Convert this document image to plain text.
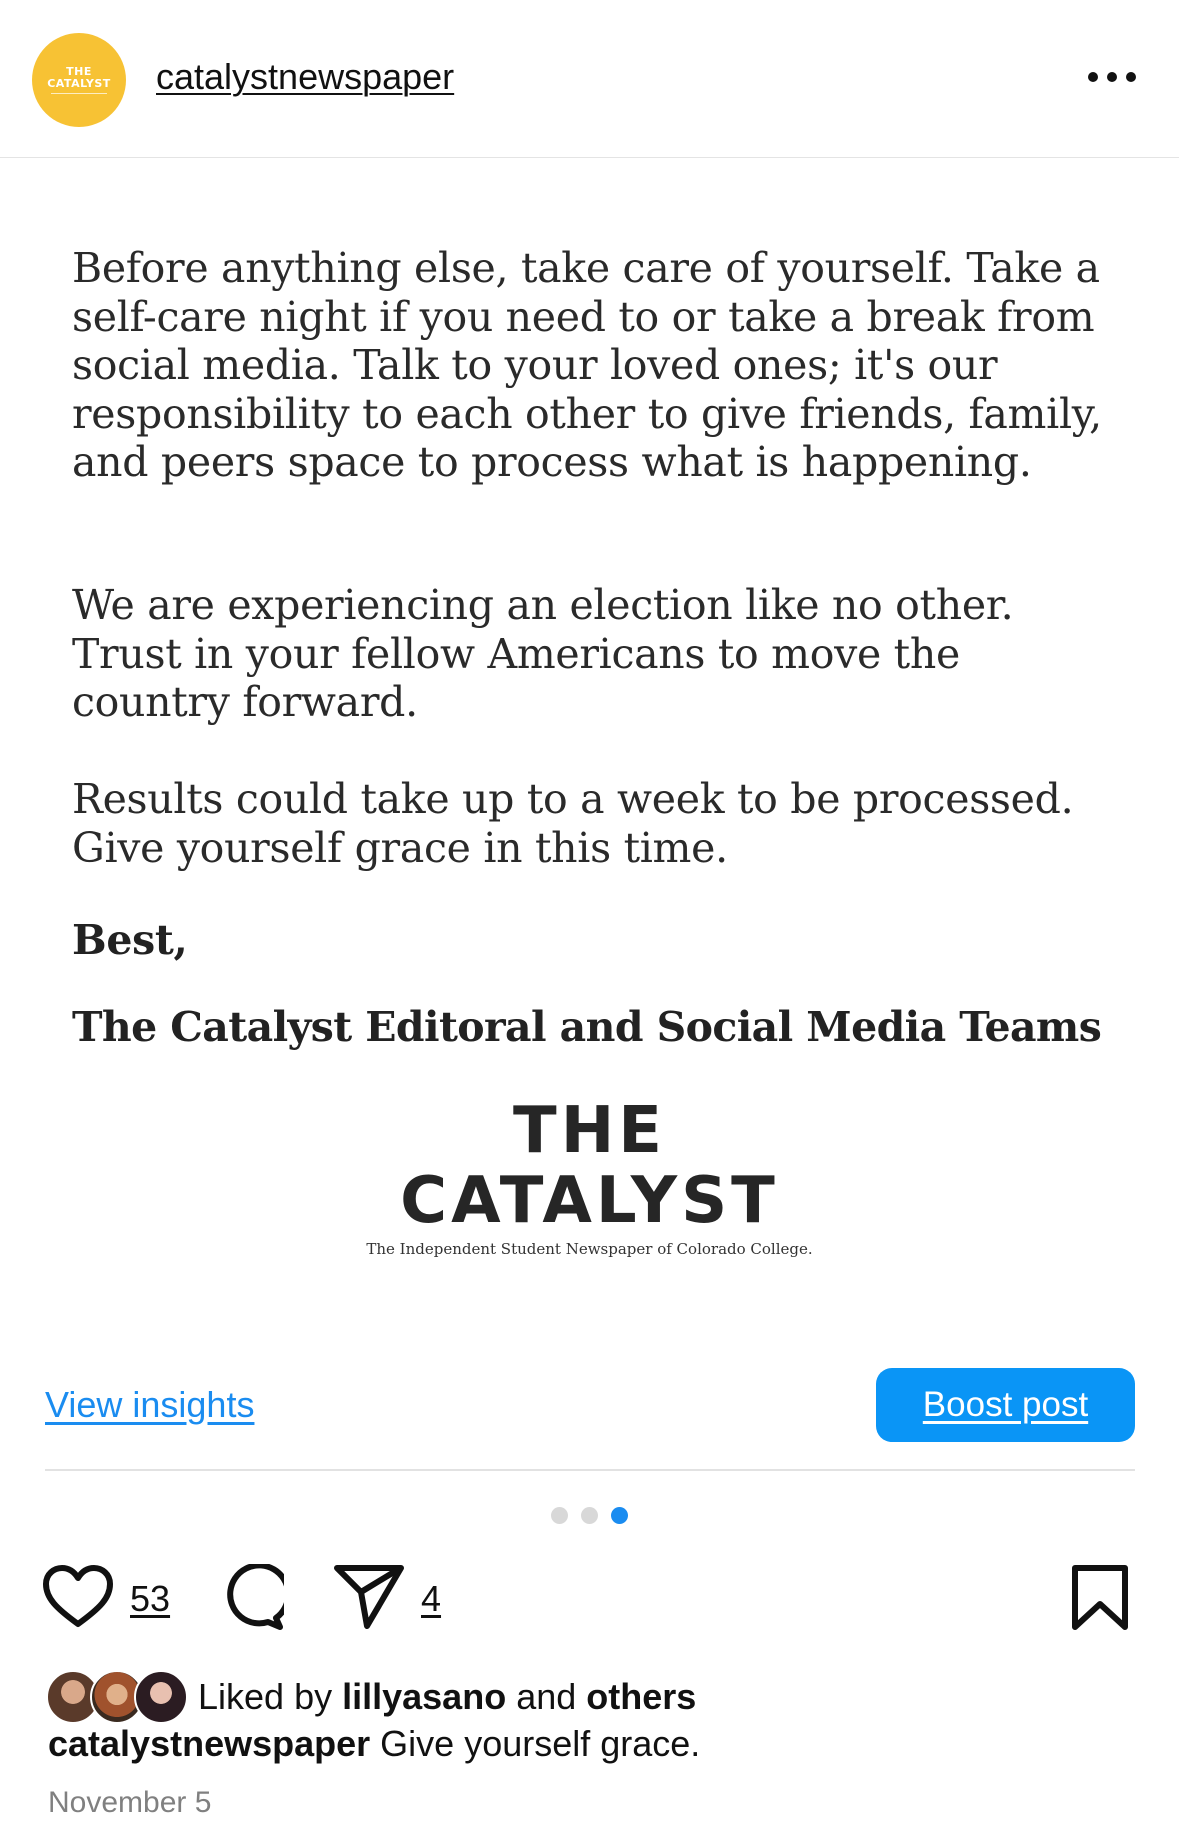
THE
CATALYST catalystnewspaper

Before anything else, take care of yourself. Take a self-care night if you need to or take a break from social media. Talk to your loved ones; it's our responsibility to each other to give friends, family, and peers space to process what is happening.

We are experiencing an election like no other. Trust in your fellow Americans to move the country forward.

Results could take up to a week to be processed. Give yourself grace in this time.

Best,

The Catalyst Editoral and Social Media Teams

THE
CATALYST
The Independent Student Newspaper of Colorado College.
View insights	Boost post
53	4
Liked by
lillyasano
and
others
catalystnewspaper Give yourself grace.
November 5
